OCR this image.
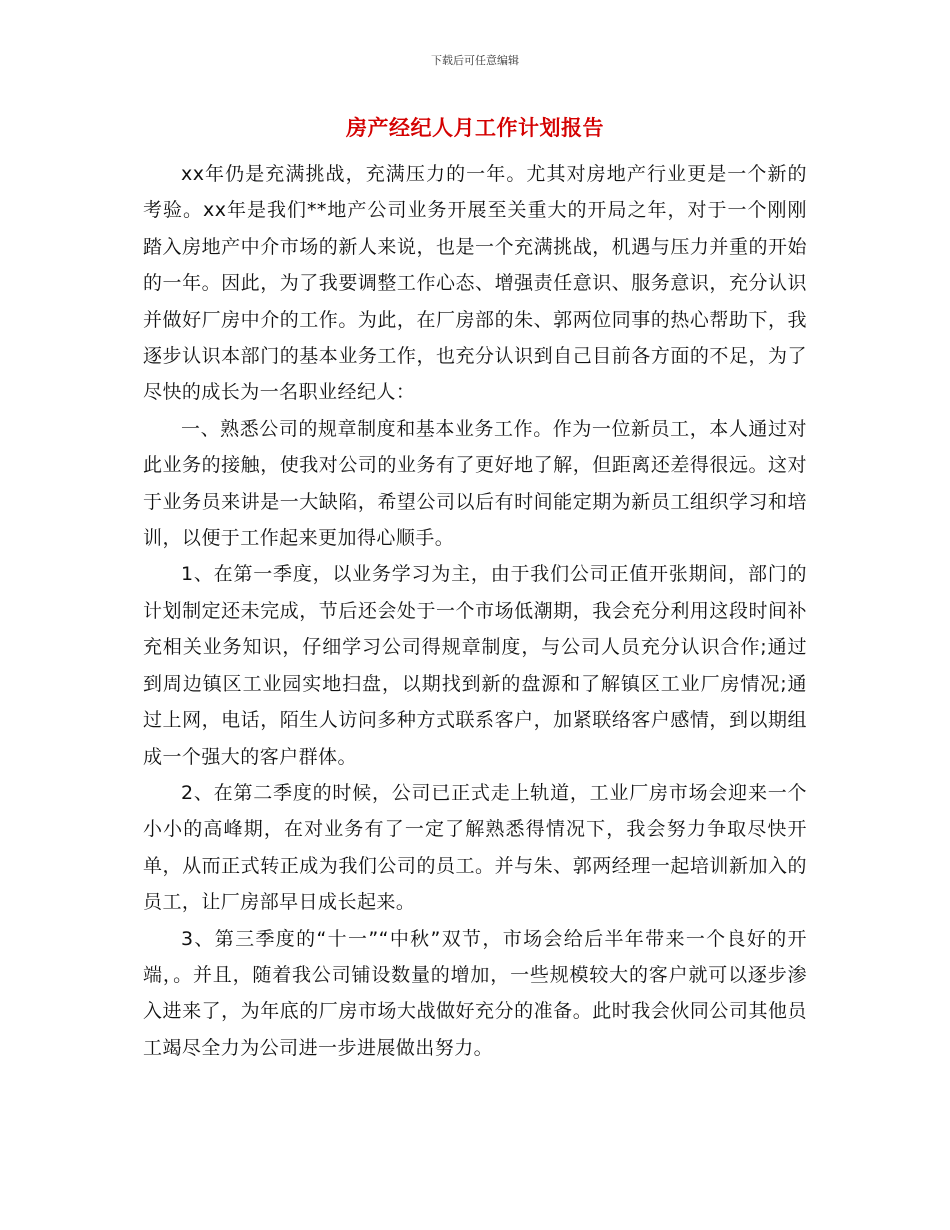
下载后可任意编辑
房产经纪人月工作计划报告

xx年仍是充满挑战，充满压力的一年。尤其对房地产行业更是一个新的考验。xx年是我们**地产公司业务开展至关重大的开局之年，对于一个刚刚踏入房地产中介市场的新人来说，也是一个充满挑战，机遇与压力并重的开始的一年。因此，为了我要调整工作心态、增强责任意识、服务意识，充分认识并做好厂房中介的工作。为此，在厂房部的朱、郭两位同事的热心帮助下，我逐步认识本部门的基本业务工作，也充分认识到自己目前各方面的不足，为了尽快的成长为一名职业经纪人：

一、熟悉公司的规章制度和基本业务工作。作为一位新员工，本人通过对此业务的接触，使我对公司的业务有了更好地了解，但距离还差得很远。这对于业务员来讲是一大缺陷，希望公司以后有时间能定期为新员工组织学习和培训，以便于工作起来更加得心顺手。

1、在第一季度，以业务学习为主，由于我们公司正值开张期间，部门的计划制定还未完成，节后还会处于一个市场低潮期，我会充分利用这段时间补充相关业务知识，仔细学习公司得规章制度，与公司人员充分认识合作;通过到周边镇区工业园实地扫盘，以期找到新的盘源和了解镇区工业厂房情况;通过上网，电话，陌生人访问多种方式联系客户，加紧联络客户感情，到以期组成一个强大的客户群体。

2、在第二季度的时候，公司已正式走上轨道，工业厂房市场会迎来一个小小的高峰期，在对业务有了一定了解熟悉得情况下，我会努力争取尽快开单，从而正式转正成为我们公司的员工。并与朱、郭两经理一起培训新加入的员工，让厂房部早日成长起来。

3、第三季度的“十一”“中秋”双节，市场会给后半年带来一个良好的开端，。并且，随着我公司铺设数量的增加，一些规模较大的客户就可以逐步渗入进来了，为年底的厂房市场大战做好充分的准备。此时我会伙同公司其他员工竭尽全力为公司进一步进展做出努力。
